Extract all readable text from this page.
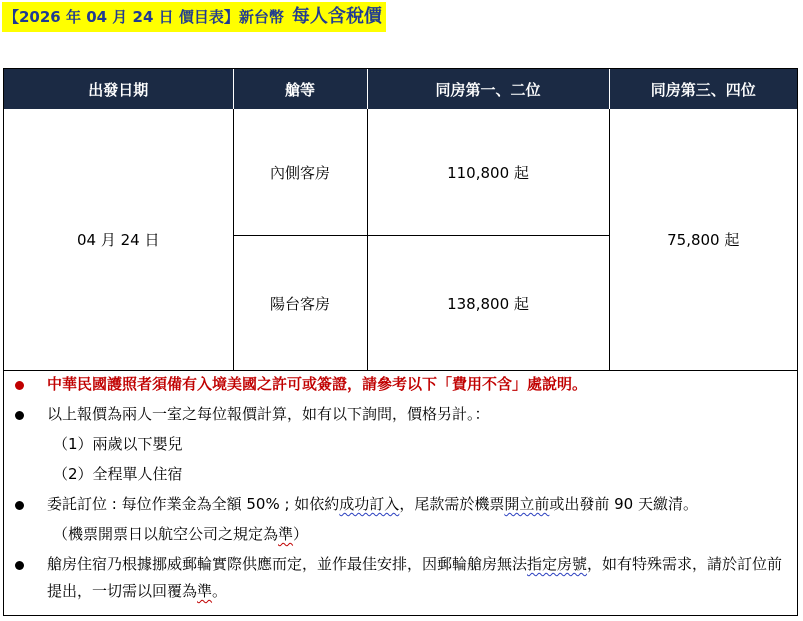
【2026 年 04 月 24 日 價目表】新台幣 每人含稅價
出發日期	艙等	同房第一、二位	同房第三、四位
04 月 24 日	內側客房	110,800 起	75,800 起
	陽台客房	138,800 起	
中華民國護照者須備有入境美國之許可或簽證，請參考以下「費用不含」處說明。
以上報價為兩人一室之每位報價計算，如有以下詢問，價格另計。：
（1）兩歲以下嬰兒
（2）全程單人住宿
委託訂位 : 每位作業金為全額 50% ; 如依約成功訂入，尾款需於機票開立前或出發前 90 天繳清。
（機票開票日以航空公司之規定為準）
艙房住宿乃根據挪威郵輪實際供應而定，並作最佳安排，因郵輪艙房無法指定房號，如有特殊需求，請於訂位前提出，一切需以回覆為準。
